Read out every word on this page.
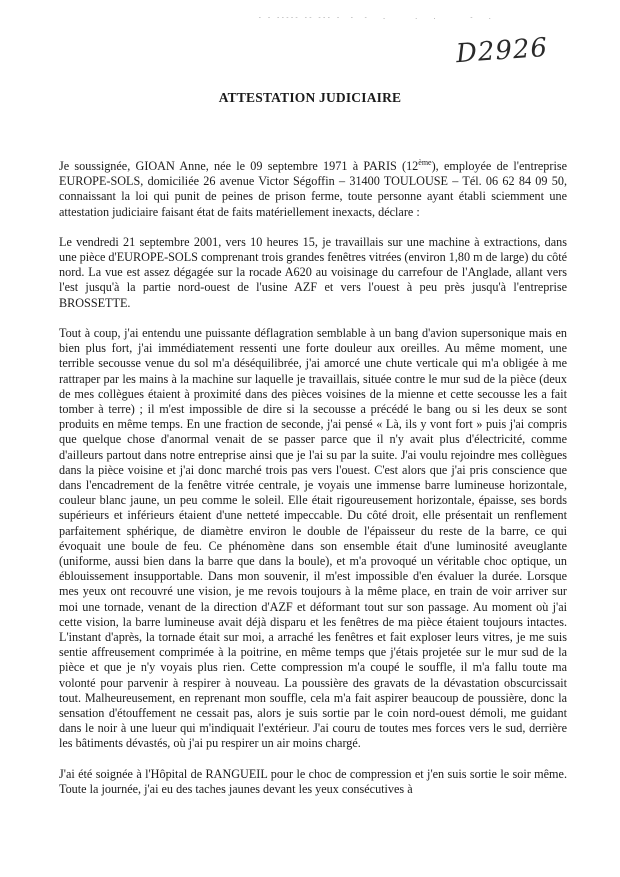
- - ----- -- --- -  -  -   .      .   .       -   .
D2926
ATTESTATION JUDICIAIRE

Je soussignée, GIOAN Anne, née le 09 septembre 1971 à PARIS (12ème), employée de l'entreprise EUROPE-SOLS, domiciliée 26 avenue Victor Ségoffin – 31400 TOULOUSE – Tél. 06 62 84 09 50, connaissant la loi qui punit de peines de prison ferme, toute personne ayant établi sciemment une attestation judiciaire faisant état de faits matériellement inexacts, déclare :

Le vendredi 21 septembre 2001, vers 10 heures 15, je travaillais sur une machine à extractions, dans une pièce d'EUROPE-SOLS comprenant trois grandes fenêtres vitrées (environ 1,80 m de large) du côté nord. La vue est assez dégagée sur la rocade A620 au voisinage du carrefour de l'Anglade, allant vers l'est jusqu'à la partie nord-ouest de l'usine AZF et vers l'ouest à peu près jusqu'à l'entreprise BROSSETTE.

Tout à coup, j'ai entendu une puissante déflagration semblable à un bang d'avion supersonique mais en bien plus fort, j'ai immédiatement ressenti une forte douleur aux oreilles. Au même moment, une terrible secousse venue du sol m'a déséquilibrée, j'ai amorcé une chute verticale qui m'a obligée à me rattraper par les mains à la machine sur laquelle je travaillais, située contre le mur sud de la pièce (deux de mes collègues étaient à proximité dans des pièces voisines de la mienne et cette secousse les a fait tomber à terre) ; il m'est impossible de dire si la secousse a précédé le bang ou si les deux se sont produits en même temps. En une fraction de seconde, j'ai pensé « Là, ils y vont fort » puis j'ai compris que quelque chose d'anormal venait de se passer parce que il n'y avait plus d'électricité, comme d'ailleurs partout dans notre entreprise ainsi que je l'ai su par la suite. J'ai voulu rejoindre mes collègues dans la pièce voisine et j'ai donc marché trois pas vers l'ouest. C'est alors que j'ai pris conscience que dans l'encadrement de la fenêtre vitrée centrale, je voyais une immense barre lumineuse horizontale, couleur blanc jaune, un peu comme le soleil. Elle était rigoureusement horizontale, épaisse, ses bords supérieurs et inférieurs étaient d'une netteté impeccable. Du côté droit, elle présentait un renflement parfaitement sphérique, de diamètre environ le double de l'épaisseur du reste de la barre, ce qui évoquait une boule de feu. Ce phénomène dans son ensemble était d'une luminosité aveuglante (uniforme, aussi bien dans la barre que dans la boule), et m'a provoqué un véritable choc optique, un éblouissement insupportable. Dans mon souvenir, il m'est impossible d'en évaluer la durée. Lorsque mes yeux ont recouvré une vision, je me revois toujours à la même place, en train de voir arriver sur moi une tornade, venant de la direction d'AZF et déformant tout sur son passage. Au moment où j'ai cette vision, la barre lumineuse avait déjà disparu et les fenêtres de ma pièce étaient toujours intactes. L'instant d'après, la tornade était sur moi, a arraché les fenêtres et fait exploser leurs vitres, je me suis sentie affreusement comprimée à la poitrine, en même temps que j'étais projetée sur le mur sud de la pièce et que je n'y voyais plus rien. Cette compression m'a coupé le souffle, il m'a fallu toute ma volonté pour parvenir à respirer à nouveau. La poussière des gravats de la dévastation obscurcissait tout. Malheureusement, en reprenant mon souffle, cela m'a fait aspirer beaucoup de poussière, donc la sensation d'étouffement ne cessait pas, alors je suis sortie par le coin nord-ouest démoli, me guidant dans le noir à une lueur qui m'indiquait l'extérieur. J'ai couru de toutes mes forces vers le sud, derrière les bâtiments dévastés, où j'ai pu respirer un air moins chargé.

J'ai été soignée à l'Hôpital de RANGUEIL pour le choc de compression et j'en suis sortie le soir même. Toute la journée, j'ai eu des taches jaunes devant les yeux consécutives à
